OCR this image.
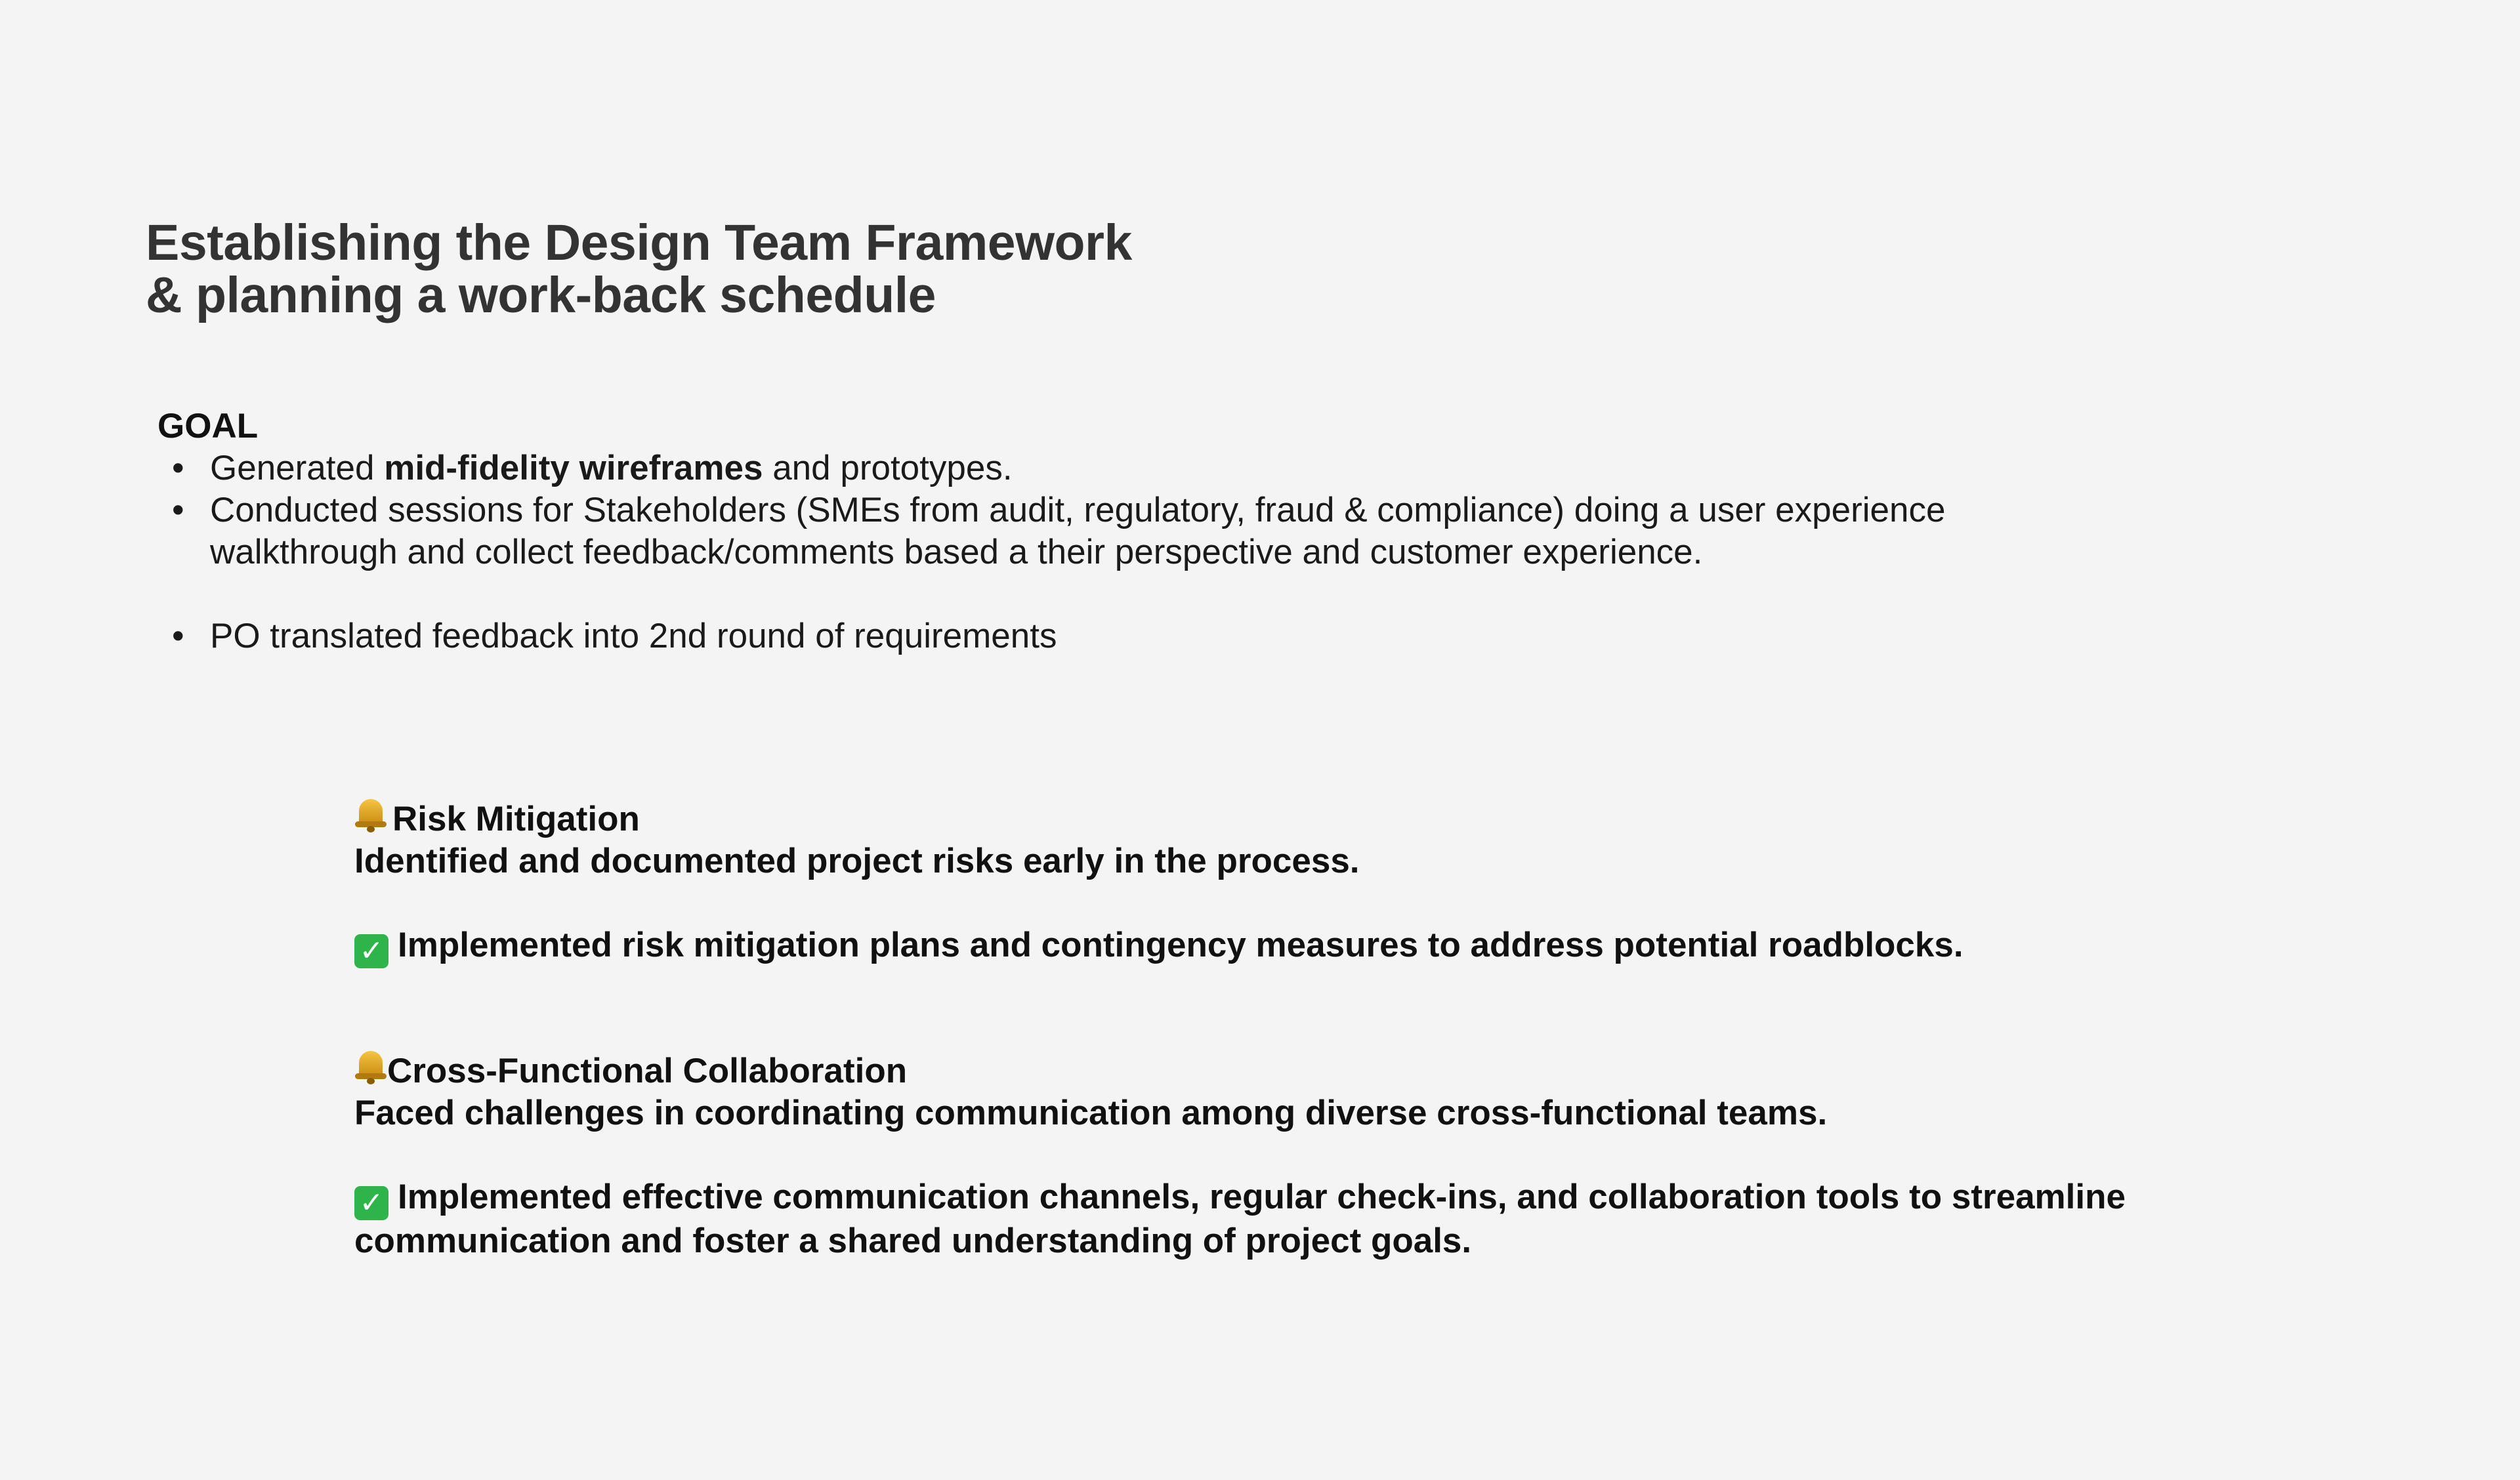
Establishing the Design Team Framework
& planning a work-back schedule
GOAL
• Generated mid-fidelity wireframes and prototypes.
• Conducted sessions for Stakeholders (SMEs from audit, regulatory, fraud & compliance) doing a user experience
walkthrough and collect feedback/comments based a their perspective and customer experience.
• PO translated feedback into 2nd round of requirements

Risk Mitigation

Identified and documented project risks early in the process.

✓ Implemented risk mitigation plans and contingency measures to address potential roadblocks.

Cross-Functional Collaboration

Faced challenges in coordinating communication among diverse cross-functional teams.

✓ Implemented effective communication channels, regular check-ins, and collaboration tools to streamline

communication and foster a shared understanding of project goals.
